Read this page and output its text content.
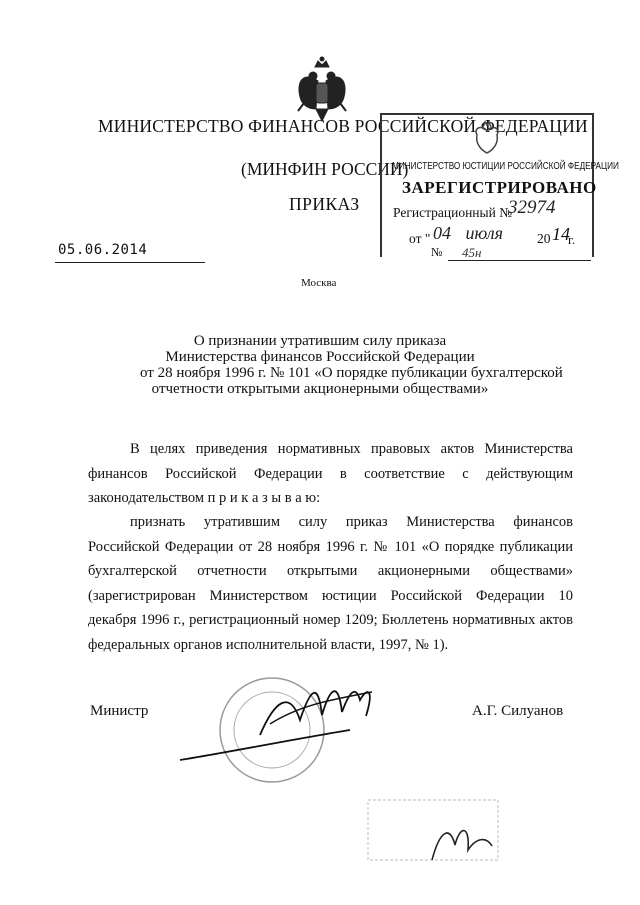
МИНИСТЕРСТВО ФИНАНСОВ РОССИЙСКОЙ ФЕДЕРАЦИИ
(МИНФИН РОССИИ)
ПРИКАЗ
МИНИСТЕРСТВО ЮСТИЦИИ РОССИЙСКОЙ ФЕДЕРАЦИИ
ЗАРЕГИСТРИРОВАНО
Регистрационный №
32974
от " 04 июля	20 14
г.
05.06.2014	№ 45н
Москва
О признании утратившим силу приказа
Министерства финансов Российской Федерации
от 28 ноября 1996 г. № 101 «О порядке публикации бухгалтерской
отчетности открытыми акционерными обществами»
В целях приведения нормативных правовых актов Министерства финансов Российской Федерации в соответствие с действующим законодательством п р и к а з ы в а ю:
признать утратившим силу приказ Министерства финансов Российской Федерации от 28 ноября 1996 г. № 101 «О порядке публикации бухгалтерской отчетности открытыми акционерными обществами» (зарегистрирован Министерством юстиции Российской Федерации 10 декабря 1996 г., регистрационный номер 1209; Бюллетень нормативных актов федеральных органов исполнительной власти, 1997, № 1).
Министр	А.Г. Силуанов
